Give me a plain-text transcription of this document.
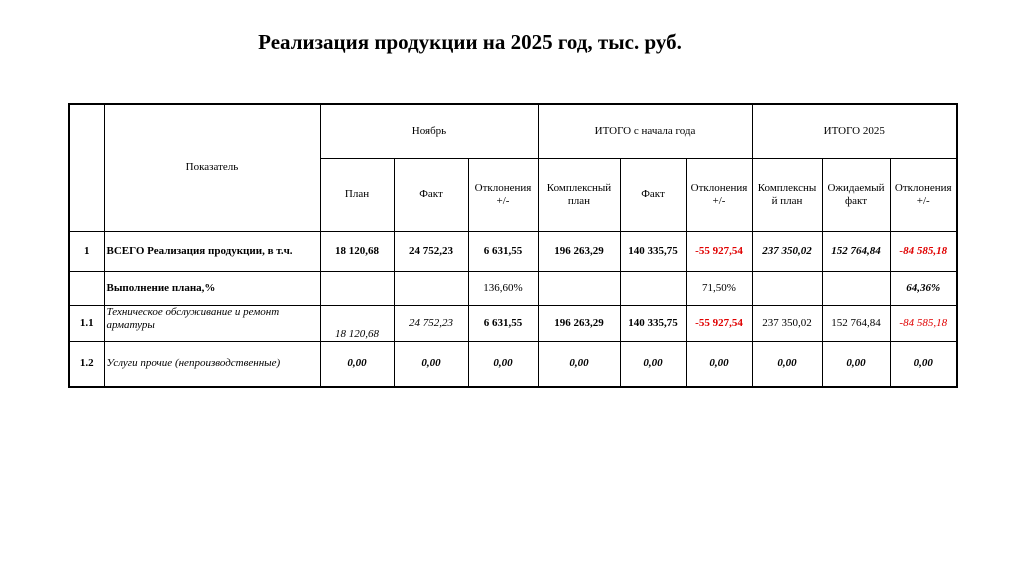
Реализация продукции на 2025 год, тыс. руб.
	Показатель	Ноябрь			ИТОГО с начала года			ИТОГО 2025		
		План	Факт	Отклонения +/-	Комплексный план	Факт	Отклонения +/-	Комплексны й план	Ожидаемый факт	Отклонения +/-
1	ВСЕГО Реализация продукции, в т.ч.	18 120,68	24 752,23	6 631,55	196 263,29	140 335,75	-55 927,54	237 350,02	152 764,84	-84 585,18
	Выполнение плана,%			136,60%			71,50%			64,36%
1.1	Техническое обслуживание и ремонт арматуры	18 120,68	24 752,23	6 631,55	196 263,29	140 335,75	-55 927,54	237 350,02	152 764,84	-84 585,18
1.2	Услуги прочие (непроизводственные)	0,00	0,00	0,00	0,00	0,00	0,00	0,00	0,00	0,00
